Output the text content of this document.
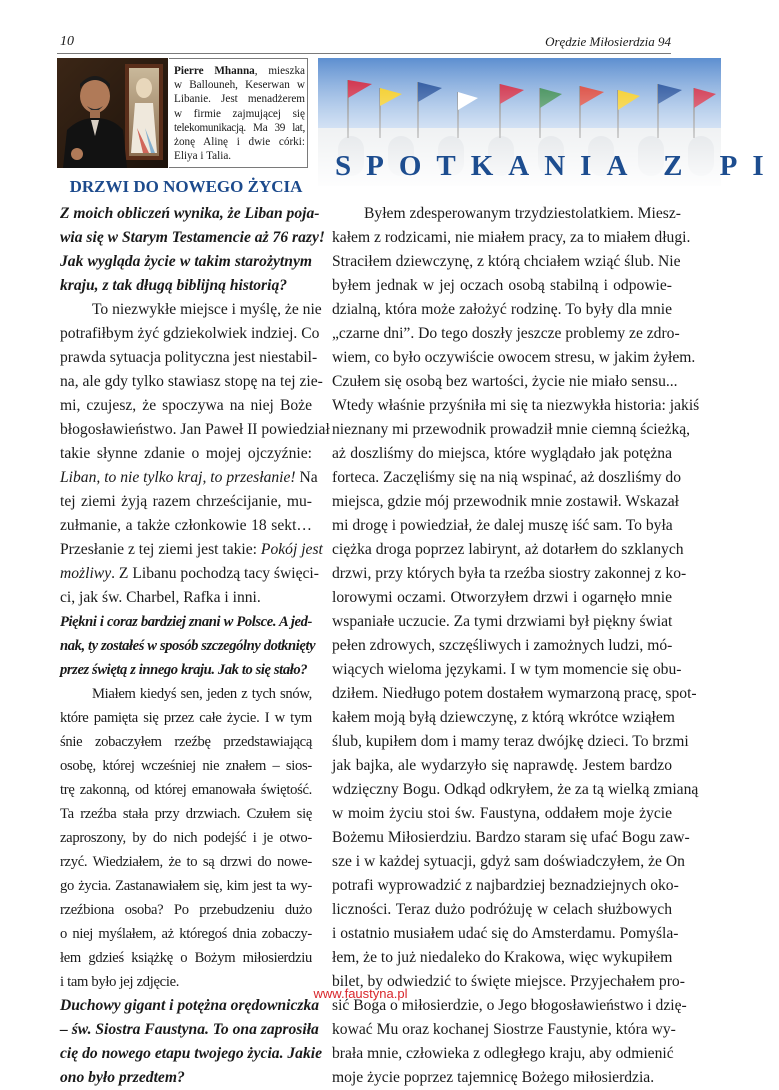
10	Orędzie Miłosierdzia 94
Pierre Mhanna, mieszka
w Ballouneh, Keserwan w
Libanie. Jest menadżerem
w firmie zajmującej się
telekomunikacją. Ma 39 lat,
żonę Alinę i dwie córki:
Eliya i Talia.	SPOTKANIA Z PI
DRZWI DO NOWEGO ŻYCIA
Z moich obliczeń wynika, że Liban poja-
wia się w Starym Testamencie aż 76 razy!
Jak wygląda życie w takim starożytnym
kraju, z tak długą biblijną historią?
To niezwykłe miejsce i myślę, że nie
potrafiłbym żyć gdziekolwiek indziej. Co
prawda sytuacja polityczna jest niestabil-
na, ale gdy tylko stawiasz stopę na tej zie-
mi, czujesz, że spoczywa na niej Boże
błogosławieństwo. Jan Paweł II powiedział
takie słynne zdanie o mojej ojczyźnie:
Liban, to nie tylko kraj, to przesłanie! Na
tej ziemi żyją razem chrześcijanie, mu-
zułmanie, a także członkowie 18 sekt…
Przesłanie z tej ziemi jest takie: Pokój jest
możliwy. Z Libanu pochodzą tacy święci-
ci, jak św. Charbel, Rafka i inni.
Piękni i coraz bardziej znani w Polsce. A jed-
nak, ty zostałeś w sposób szczególny dotknięty
przez świętą z innego kraju. Jak to się stało?
Miałem kiedyś sen, jeden z tych snów,
które pamięta się przez całe życie. I w tym
śnie zobaczyłem rzeźbę przedstawiającą
osobę, której wcześniej nie znałem – sios-
trę zakonną, od której emanowała świętość.
Ta rzeźba stała przy drzwiach. Czułem się
zaproszony, by do nich podejść i je otwo-
rzyć. Wiedziałem, że to są drzwi do nowe-
go życia. Zastanawiałem się, kim jest ta wy-
rzeźbiona osoba? Po przebudzeniu dużo
o niej myślałem, aż któregoś dnia zobaczy-
łem gdzieś książkę o Bożym miłosierdziu
i tam było jej zdjęcie.
Duchowy gigant i potężna orędowniczka
– św. Siostra Faustyna. To ona zaprosiła
cię do nowego etapu twojego życia. Jakie
ono było przedtem?
Byłem zdesperowanym trzydziestolatkiem. Miesz-
kałem z rodzicami, nie miałem pracy, za to miałem długi.
Straciłem dziewczynę, z którą chciałem wziąć ślub. Nie
byłem jednak w jej oczach osobą stabilną i odpowie-
dzialną, która może założyć rodzinę. To były dla mnie
„czarne dni”. Do tego doszły jeszcze problemy ze zdro-
wiem, co było oczywiście owocem stresu, w jakim żyłem.
Czułem się osobą bez wartości, życie nie miało sensu...
Wtedy właśnie przyśniła mi się ta niezwykła historia: jakiś
nieznany mi przewodnik prowadził mnie ciemną ścieżką,
aż doszliśmy do miejsca, które wyglądało jak potężna
forteca. Zaczęliśmy się na nią wspinać, aż doszliśmy do
miejsca, gdzie mój przewodnik mnie zostawił. Wskazał
mi drogę i powiedział, że dalej muszę iść sam. To była
ciężka droga poprzez labirynt, aż dotarłem do szklanych
drzwi, przy których była ta rzeźba siostry zakonnej z ko-
lorowymi oczami. Otworzyłem drzwi i ogarnęło mnie
wspaniałe uczucie. Za tymi drzwiami był piękny świat
pełen zdrowych, szczęśliwych i zamożnych ludzi, mó-
wiących wieloma językami. I w tym momencie się obu-
dziłem. Niedługo potem dostałem wymarzoną pracę, spot-
kałem moją byłą dziewczynę, z którą wkrótce wziąłem
ślub, kupiłem dom i mamy teraz dwójkę dzieci. To brzmi
jak bajka, ale wydarzyło się naprawdę. Jestem bardzo
wdzięczny Bogu. Odkąd odkryłem, że za tą wielką zmianą
w moim życiu stoi św. Faustyna, oddałem moje życie
Bożemu Miłosierdziu. Bardzo staram się ufać Bogu zaw-
sze i w każdej sytuacji, gdyż sam doświadczyłem, że On
potrafi wyprowadzić z najbardziej beznadziejnych oko-
liczności. Teraz dużo podróżuję w celach służbowych
i ostatnio musiałem udać się do Amsterdamu. Pomyśla-
łem, że to już niedaleko do Krakowa, więc wykupiłem
bilet, by odwiedzić to święte miejsce. Przyjechałem pro-
sić Boga o miłosierdzie, o Jego błogosławieństwo i dzię-
kować Mu oraz kochanej Siostrze Faustynie, która wy-
brała mnie, człowieka z odległego kraju, aby odmienić
moje życie poprzez tajemnicę Bożego miłosierdzia.
www.faustyna.pl
